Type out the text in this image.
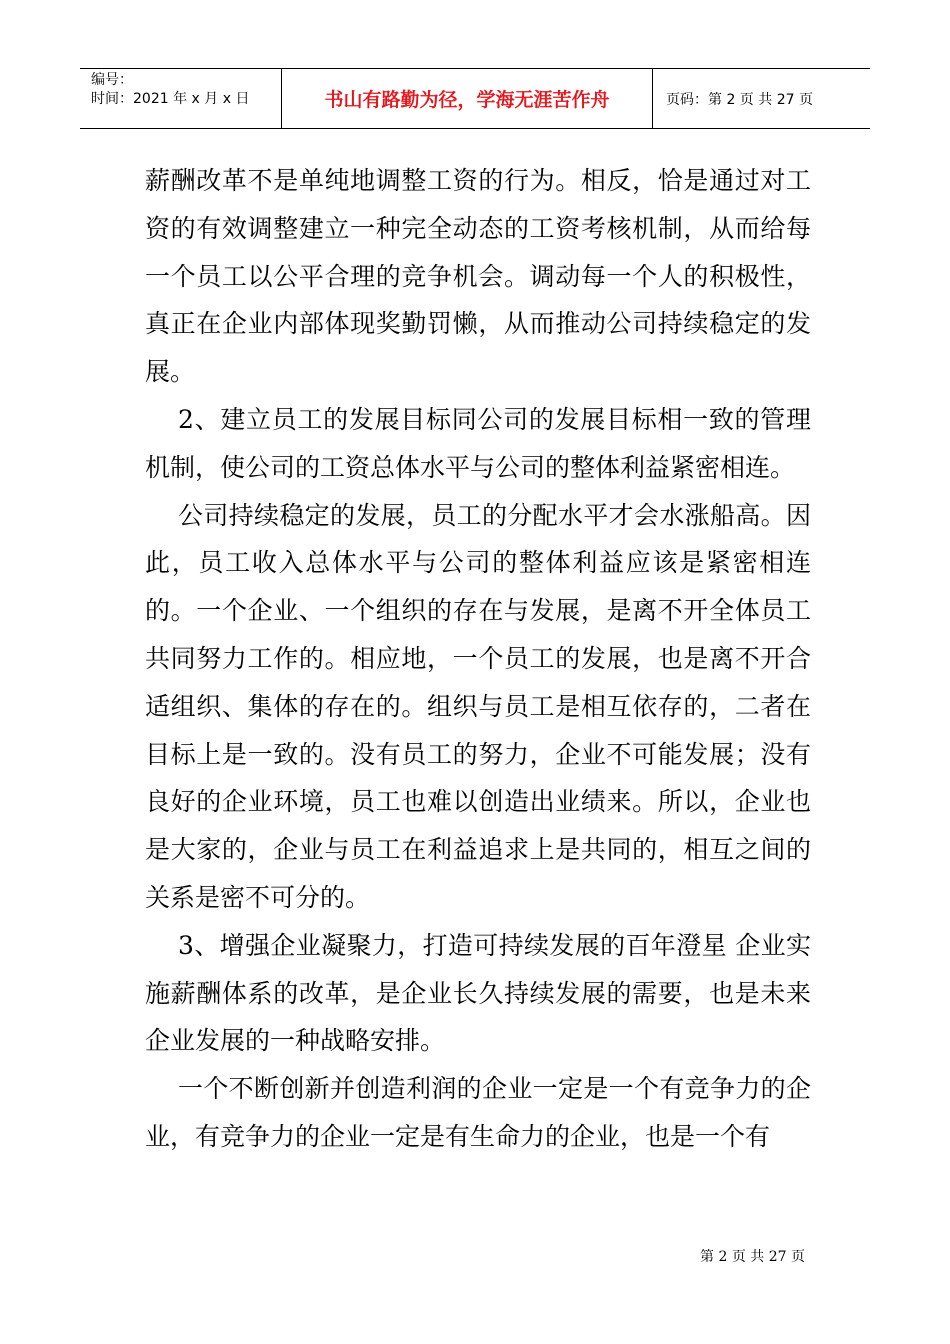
编号：
时间：2021 年 x 月 x 日	书山有路勤为径，学海无涯苦作舟	页码：第 2 页 共 27 页

薪酬改革不是单纯地调整工资的行为。相反，恰是通过对工资的有效调整建立一种完全动态的工资考核机制，从而给每一个员工以公平合理的竞争机会。调动每一个人的积极性，真正在企业内部体现奖勤罚懒，从而推动公司持续稳定的发展。

2、建立员工的发展目标同公司的发展目标相一致的管理机制，使公司的工资总体水平与公司的整体利益紧密相连。

公司持续稳定的发展，员工的分配水平才会水涨船高。因此，员工收入总体水平与公司的整体利益应该是紧密相连的。一个企业、一个组织的存在与发展，是离不开全体员工共同努力工作的。相应地，一个员工的发展，也是离不开合适组织、集体的存在的。组织与员工是相互依存的，二者在目标上是一致的。没有员工的努力，企业不可能发展；没有良好的企业环境，员工也难以创造出业绩来。所以，企业也是大家的，企业与员工在利益追求上是共同的，相互之间的关系是密不可分的。

3、增强企业凝聚力，打造可持续发展的百年澄星 企业实施薪酬体系的改革，是企业长久持续发展的需要，也是未来企业发展的一种战略安排。

一个不断创新并创造利润的企业一定是一个有竞争力的企业，有竞争力的企业一定是有生命力的企业，也是一个有

第 2 页 共 27 页
